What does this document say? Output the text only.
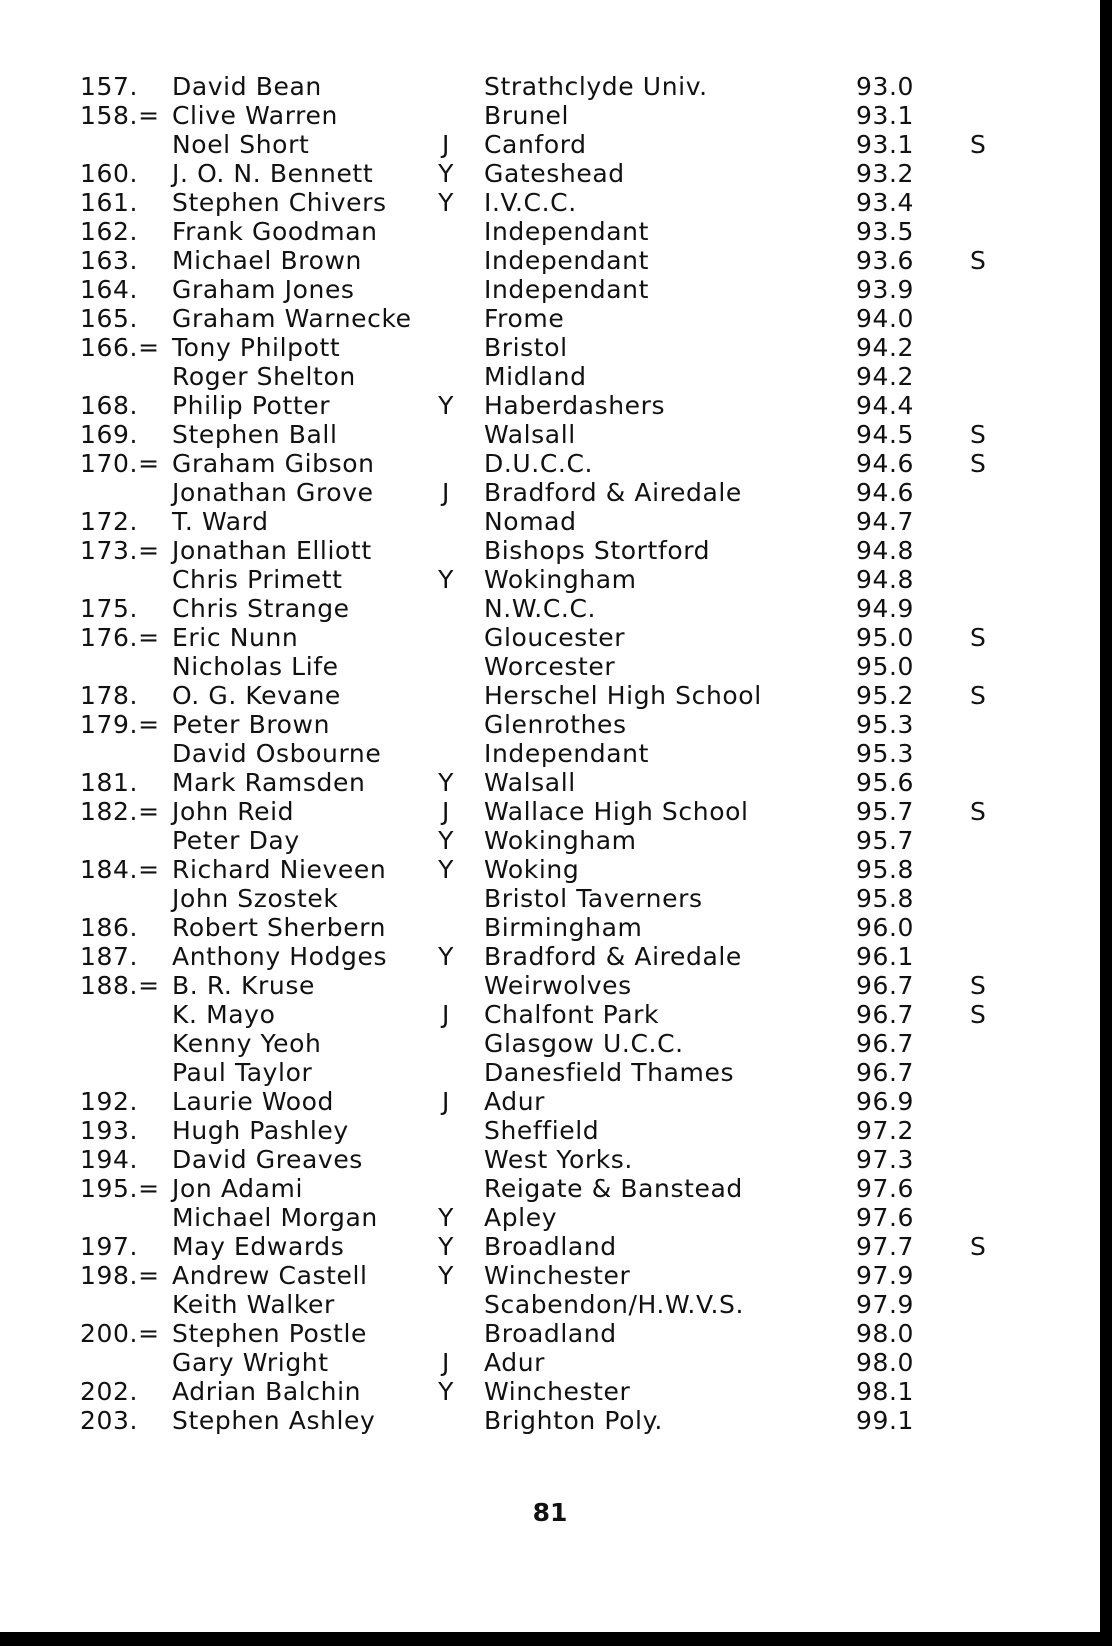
157.	David Bean	Strathclyde Univ.	93.0
158.= Clive Warren	Brunel	93.1
Noel Short	J	Canford	93.1	S
160.	J. O. N. Bennett	Y Gateshead	93.2
161.	Stephen Chivers	Y I.V.C.C.	93.4
162.	Frank Goodman	Independant	93.5
163.	Michael Brown	Independant	93.6	S
164.	Graham Jones	Independant	93.9
165.	Graham Warnecke	Frome	94.0
166.= Tony Philpott	Bristol	94.2
Roger Shelton	Midland	94.2
168.	Philip Potter	Y Haberdashers	94.4
169.	Stephen Ball	Walsall	94.5	S
170.= Graham Gibson	D.U.C.C.	94.6	S
Jonathan Grove	J	Bradford & Airedale	94.6
172.	T. Ward	Nomad	94.7
173.= Jonathan Elliott	Bishops Stortford	94.8
Chris Primett	Y Wokingham	94.8
175.	Chris Strange	N.W.C.C.	94.9
176.= Eric Nunn	Gloucester	95.0	S
Nicholas Life	Worcester	95.0
178.	O. G. Kevane	Herschel High School	95.2	S
179.= Peter Brown	Glenrothes	95.3
David Osbourne	Independant	95.3
181.	Mark Ramsden	Y Walsall	95.6
182.= John Reid	J	Wallace High School	95.7	S
Peter Day	Y Wokingham	95.7
184.= Richard Nieveen	Y Woking	95.8
John Szostek	Bristol Taverners	95.8
186.	Robert Sherbern	Birmingham	96.0
187.	Anthony Hodges	Y Bradford & Airedale	96.1
188.= B. R. Kruse	Weirwolves	96.7	S
K. Mayo	J	Chalfont Park	96.7	S
Kenny Yeoh	Glasgow U.C.C.	96.7
Paul Taylor	Danesfield Thames	96.7
192.	Laurie Wood	J	Adur	96.9
193.	Hugh Pashley	Sheffield	97.2
194.	David Greaves	West Yorks.	97.3
195.= Jon Adami	Reigate & Banstead	97.6
Michael Morgan	Y Apley	97.6
197.	May Edwards	Y Broadland	97.7	S
198.= Andrew Castell	Y Winchester	97.9
Keith Walker	Scabendon/H.W.V.S.	97.9
200.= Stephen Postle	Broadland	98.0
Gary Wright	J	Adur	98.0
202.	Adrian Balchin	Y Winchester	98.1
203.	Stephen Ashley	Brighton Poly.	99.1
81
